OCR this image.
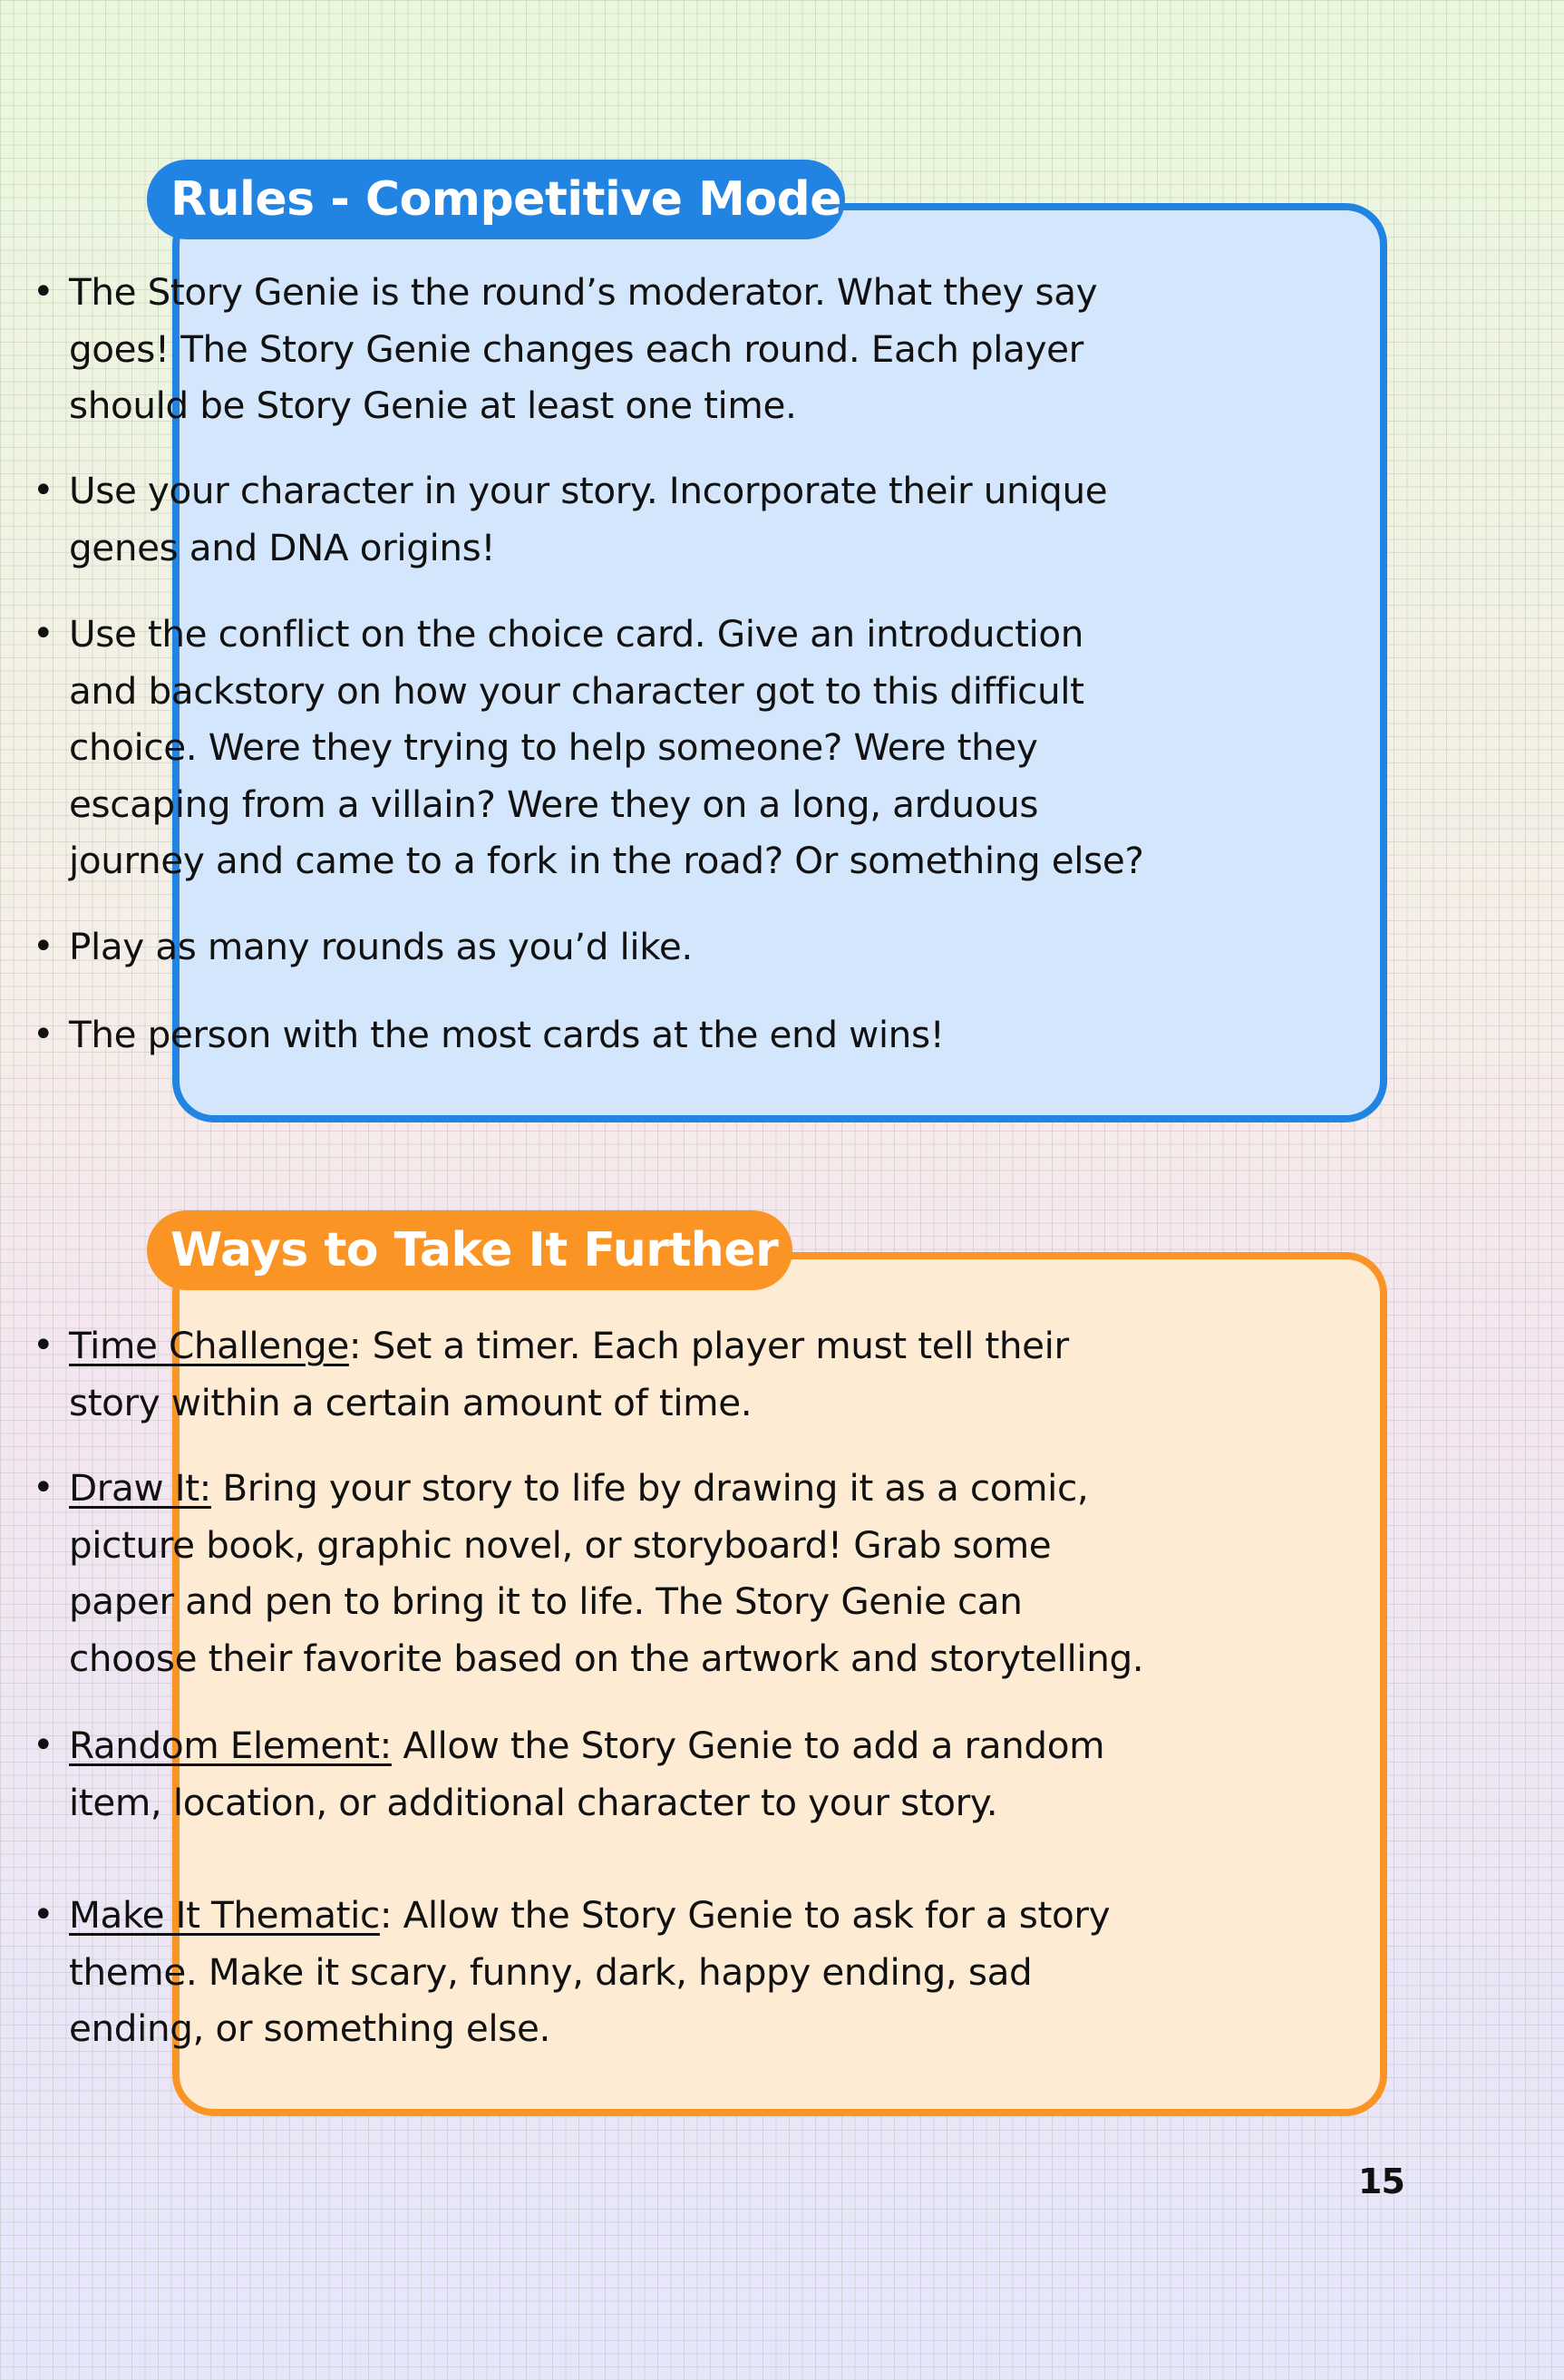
Rules - Competitive Mode
• The Story Genie is the round’s moderator. What they say goes! The Story Genie changes each round. Each player should be Story Genie at least one time.
• Use your character in your story. Incorporate their unique genes and DNA origins!
• Use the conflict on the choice card. Give an introduction and backstory on how your character got to this difficult choice. Were they trying to help someone? Were they escaping from a villain? Were they on a long, arduous journey and came to a fork in the road? Or something else?
• Play as many rounds as you’d like.
• The person with the most cards at the end wins!
Ways to Take It Further
• Time Challenge: Set a timer. Each player must tell their story within a certain amount of time.
• Draw It: Bring your story to life by drawing it as a comic, picture book, graphic novel, or storyboard! Grab some paper and pen to bring it to life. The Story Genie can choose their favorite based on the artwork and storytelling.
• Random Element: Allow the Story Genie to add a random item, location, or additional character to your story.
• Make It Thematic: Allow the Story Genie to ask for a story theme. Make it scary, funny, dark, happy ending, sad ending, or something else.
15
